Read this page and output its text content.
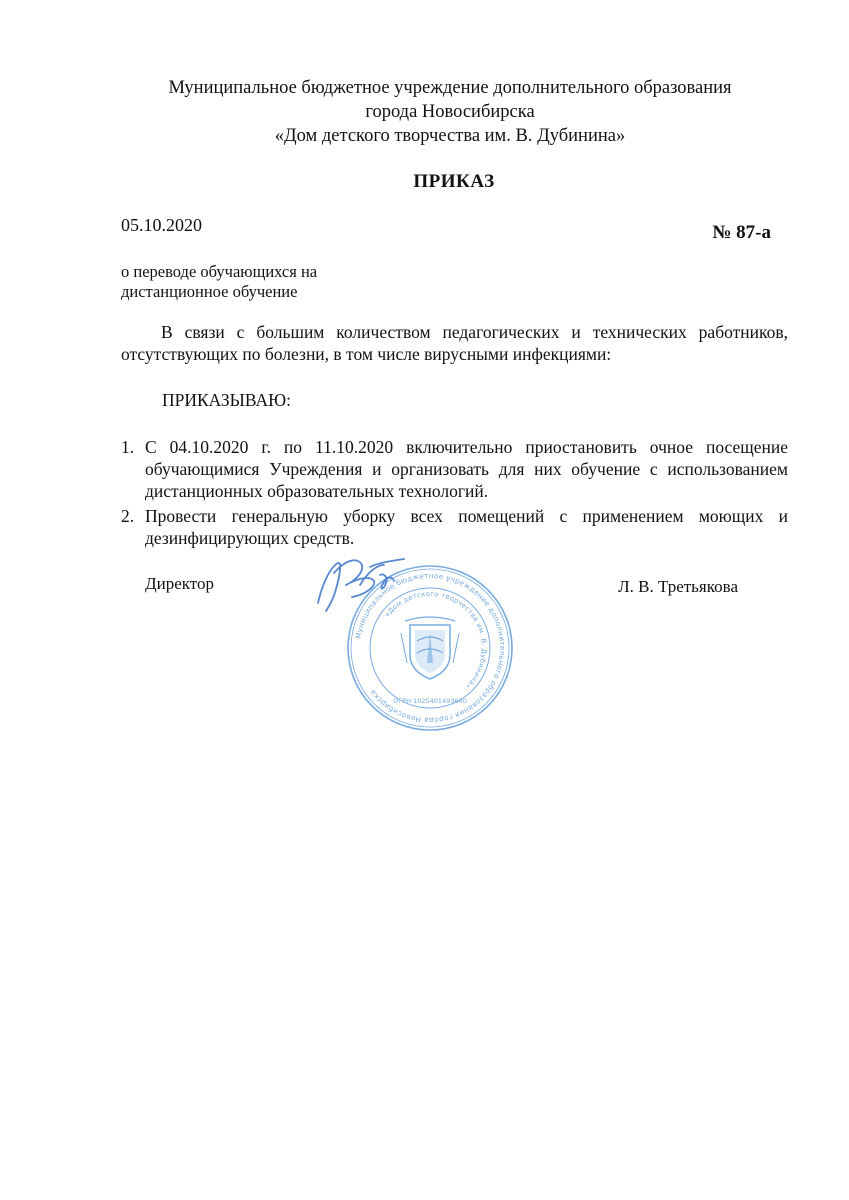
Муниципальное бюджетное учреждение дополнительного образования
города Новосибирска
«Дом детского творчества им. В. Дубинина»
ПРИКАЗ
05.10.2020	№ 87-а
о переводе обучающихся на
дистанционное обучение
В связи с большим количеством педагогических и технических работников, отсутствующих по болезни, в том числе вирусными инфекциями:
ПРИКАЗЫВАЮ:
1. С 04.10.2020 г. по 11.10.2020 включительно приостановить очное посещение обучающимися Учреждения и организовать для них обучение с использованием дистанционных образовательных технологий.
2. Провести генеральную уборку всех помещений с применением моющих и дезинфицирующих средств.
Директор	Л. В. Третьякова
Муниципальное бюджетное учреждение дополнительного образования города Новосибирска
«Дом детского творчества им. В. Дубинина»
ОГРН 1025401493660
